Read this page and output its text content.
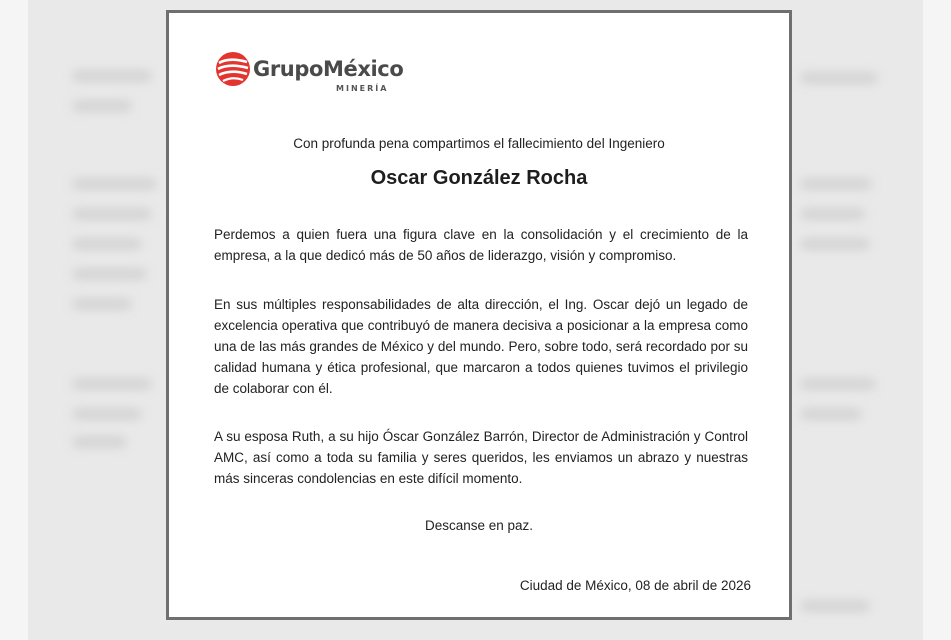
GrupoMéxico
MINERÍA
Con profunda pena compartimos el fallecimiento del Ingeniero
Oscar González Rocha

Perdemos a quien fuera una figura clave en la consolidación y el crecimiento de la empresa, a la que dedicó más de 50 años de liderazgo, visión y compromiso.

En sus múltiples responsabilidades de alta dirección, el Ing. Oscar dejó un legado de excelencia operativa que contribuyó de manera decisiva a posicionar a la empresa como una de las más grandes de México y del mundo. Pero, sobre todo, será recordado por su calidad humana y ética profesional, que marcaron a todos quienes tuvimos el privilegio de colaborar con él.

A su esposa Ruth, a su hijo Óscar González Barrón, Director de Administración y Control AMC, así como a toda su familia y seres queridos, les enviamos un abrazo y nuestras más sinceras condolencias en este difícil momento.

Descanse en paz.
Ciudad de México, 08 de abril de 2026
